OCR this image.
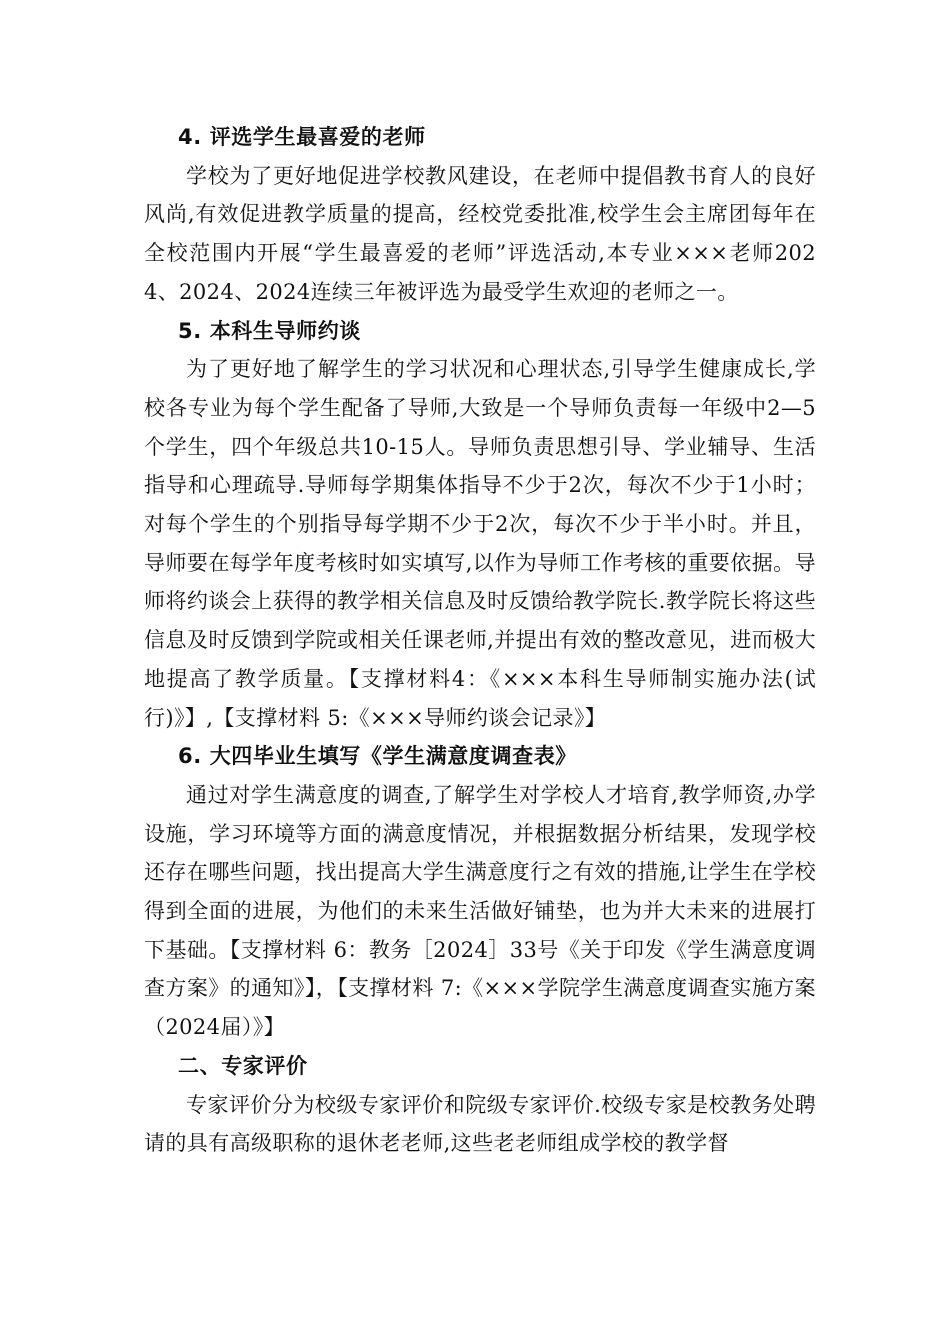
4. 评选学生最喜爱的老师

学校为了更好地促进学校教风建设，在老师中提倡教书育人的良好风尚,有效促进教学质量的提高，经校党委批准,校学生会主席团每年在全校范围内开展“学生最喜爱的老师”评选活动,本专业×××老师2024、2024、2024连续三年被评选为最受学生欢迎的老师之一。

5. 本科生导师约谈

为了更好地了解学生的学习状况和心理状态,引导学生健康成长,学校各专业为每个学生配备了导师,大致是一个导师负责每一年级中2—5个学生，四个年级总共10-15人。导师负责思想引导、学业辅导、生活指导和心理疏导.导师每学期集体指导不少于2次，每次不少于1小时；对每个学生的个别指导每学期不少于2次，每次不少于半小时。并且，导师要在每学年度考核时如实填写,以作为导师工作考核的重要依据。导师将约谈会上获得的教学相关信息及时反馈给教学院长.教学院长将这些信息及时反馈到学院或相关任课老师,并提出有效的整改意见，进而极大地提高了教学质量。【支撑材料4：《×××本科生导师制实施办法(试行)》】,【支撑材料 5:《×××导师约谈会记录》】

6. 大四毕业生填写《学生满意度调查表》

通过对学生满意度的调查,了解学生对学校人才培育,教学师资,办学设施，学习环境等方面的满意度情况，并根据数据分析结果，发现学校还存在哪些问题，找出提高大学生满意度行之有效的措施,让学生在学校得到全面的进展，为他们的未来生活做好铺垫，也为并大未来的进展打下基础。【支撑材料 6：教务［2024］33号《关于印发《学生满意度调查方案》的通知》】，【支撑材料 7:《×××学院学生满意度调查实施方案（2024届）》】

二、专家评价

专家评价分为校级专家评价和院级专家评价.校级专家是校教务处聘请的具有高级职称的退休老老师,这些老老师组成学校的教学督
